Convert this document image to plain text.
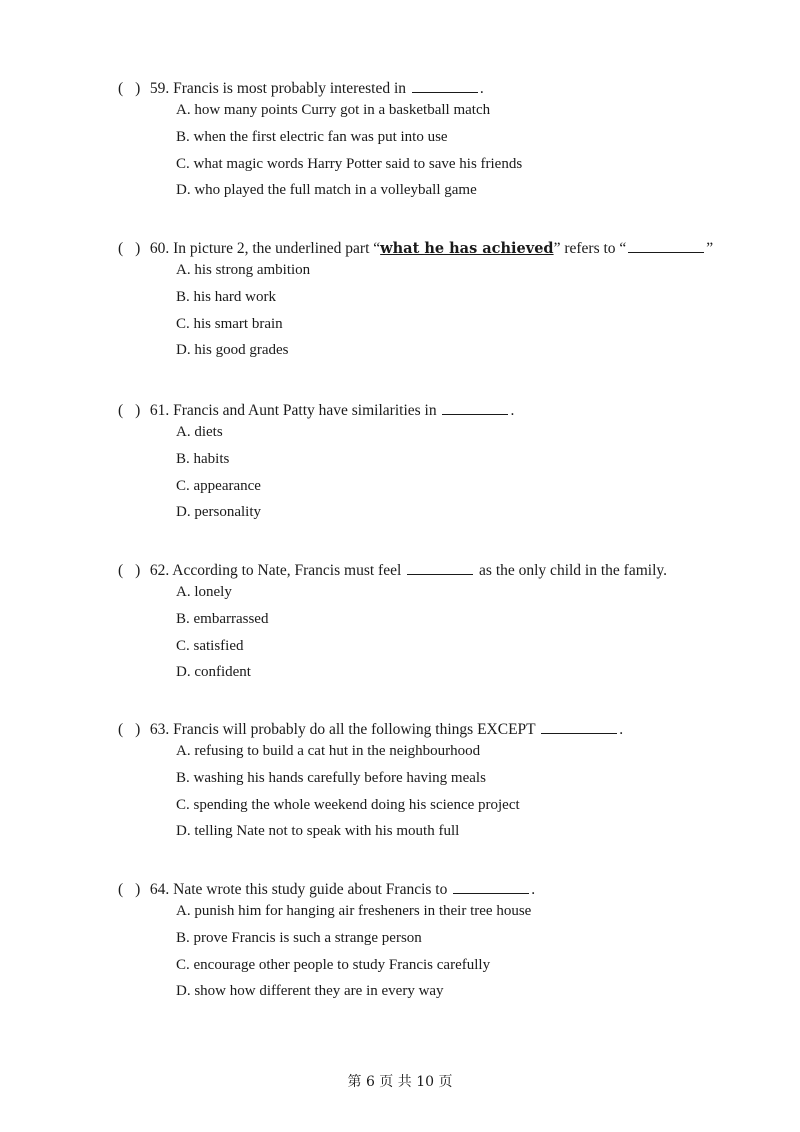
( ) 59. Francis is most probably interested in	.
A. how many points Curry got in a basketball match
B. when the first electric fan was put into use
C. what magic words Harry Potter said to save his friends
D. who played the full match in a volleyball game
( ) 60. In picture 2, the underlined part “what he has achieved” refers to “	”
A. his strong ambition
B. his hard work
C. his smart brain
D. his good grades
( ) 61. Francis and Aunt Patty have similarities in	.
A. diets
B. habits
C. appearance
D. personality
( ) 62. According to Nate, Francis must feel	as the only child in the family.
A. lonely
B. embarrassed
C. satisfied
D. confident
( ) 63. Francis will probably do all the following things EXCEPT	.
A. refusing to build a cat hut in the neighbourhood
B. washing his hands carefully before having meals
C. spending the whole weekend doing his science project
D. telling Nate not to speak with his mouth full
( ) 64. Nate wrote this study guide about Francis to	.
A. punish him for hanging air fresheners in their tree house
B. prove Francis is such a strange person
C. encourage other people to study Francis carefully
D. show how different they are in every way
第 6 页 共 10 页
